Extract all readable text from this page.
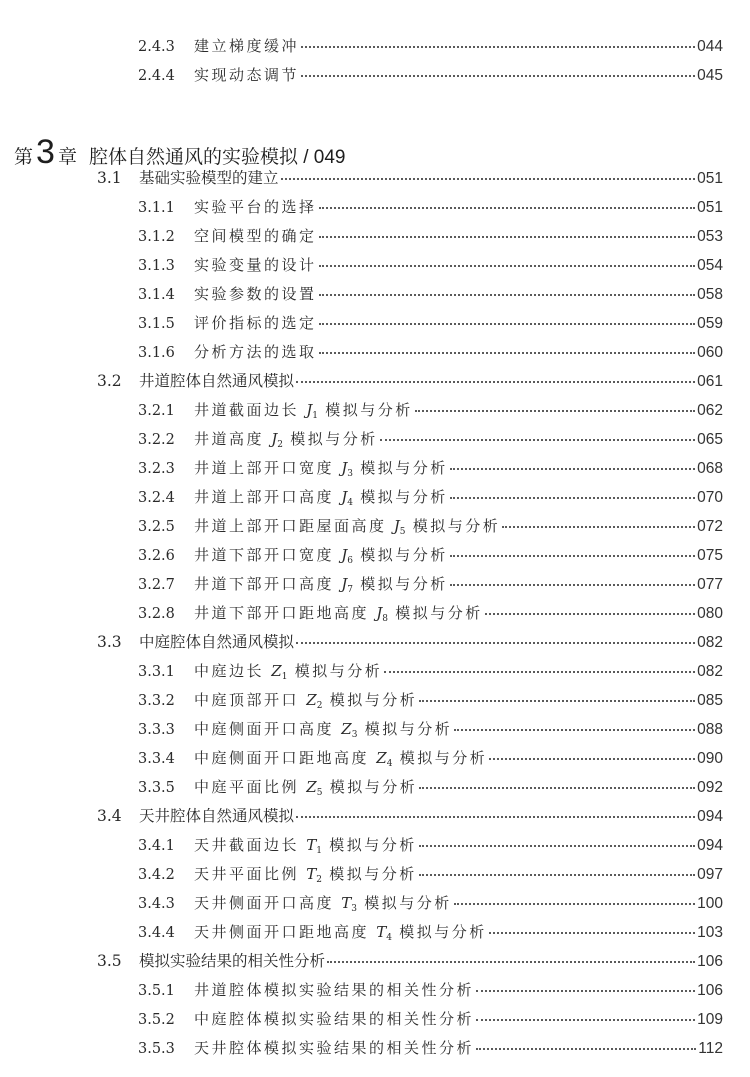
2.4.3	建立梯度缓冲	044
2.4.4	实现动态调节	045
第 3 章 腔体自然通风的实验模拟 / 049
3.1	基础实验模型的建立	051
3.1.1	实验平台的选择	051
3.1.2	空间模型的确定	053
3.1.3	实验变量的设计	054
3.1.4	实验参数的设置	058
3.1.5	评价指标的选定	059
3.1.6	分析方法的选取	060
3.2	井道腔体自然通风模拟	061
3.2.1	井道截面边长 $J_1$ 模拟与分析	062
3.2.2	井道高度 $J_2$ 模拟与分析	065
3.2.3	井道上部开口宽度 $J_3$ 模拟与分析	068
3.2.4	井道上部开口高度 $J_4$ 模拟与分析	070
3.2.5	井道上部开口距屋面高度 $J_5$ 模拟与分析	072
3.2.6	井道下部开口宽度 $J_6$ 模拟与分析	075
3.2.7	井道下部开口高度 $J_7$ 模拟与分析	077
3.2.8	井道下部开口距地高度 $J_8$ 模拟与分析	080
3.3	中庭腔体自然通风模拟	082
3.3.1	中庭边长 $Z_1$ 模拟与分析	082
3.3.2	中庭顶部开口 $Z_2$ 模拟与分析	085
3.3.3	中庭侧面开口高度 $Z_3$ 模拟与分析	088
3.3.4	中庭侧面开口距地高度 $Z_4$ 模拟与分析	090
3.3.5	中庭平面比例 $Z_5$ 模拟与分析	092
3.4	天井腔体自然通风模拟	094
3.4.1	天井截面边长 $T_1$ 模拟与分析	094
3.4.2	天井平面比例 $T_2$ 模拟与分析	097
3.4.3	天井侧面开口高度 $T_3$ 模拟与分析	100
3.4.4	天井侧面开口距地高度 $T_4$ 模拟与分析	103
3.5	模拟实验结果的相关性分析	106
3.5.1	井道腔体模拟实验结果的相关性分析	106
3.5.2	中庭腔体模拟实验结果的相关性分析	109
3.5.3	天井腔体模拟实验结果的相关性分析	112
